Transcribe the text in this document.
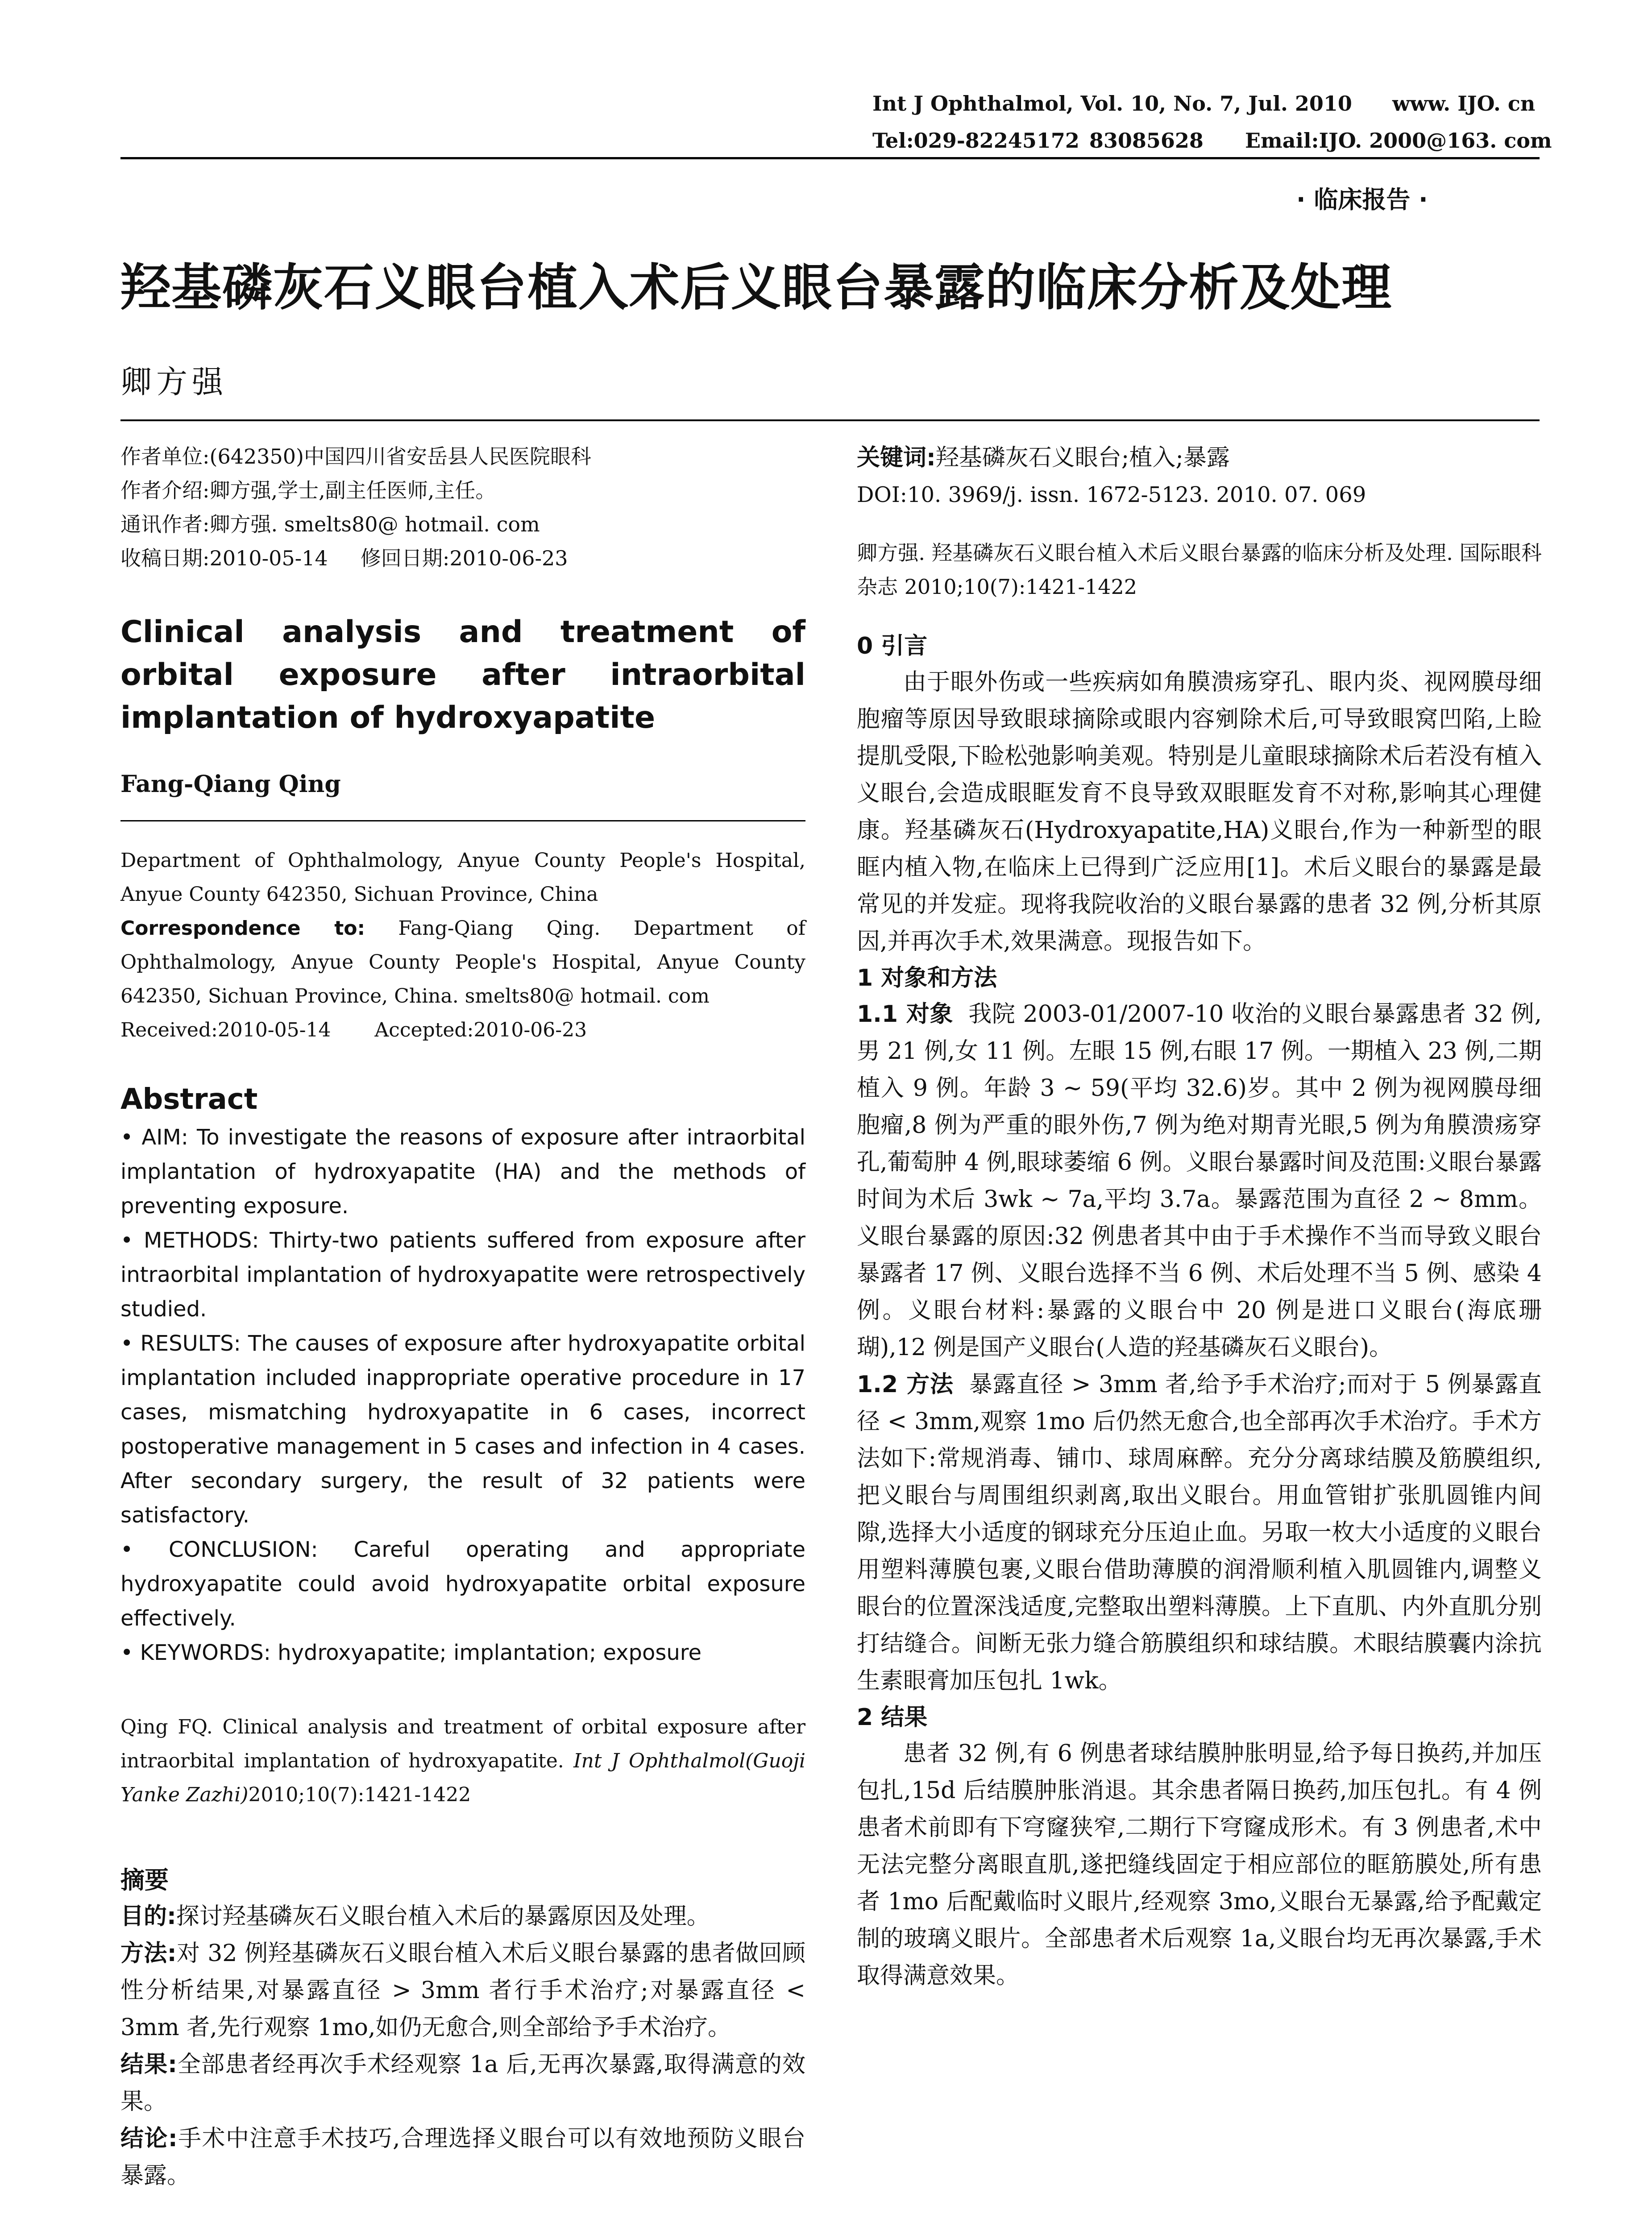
Int J Ophthalmol, Vol. 10, No. 7, Jul. 2010 www. IJO. cn
Tel:029-82245172 83085628 Email:IJO. 2000@163. com
· 临床报告 ·
羟基磷灰石义眼台植入术后义眼台暴露的临床分析及处理
卿方强

作者单位:(642350)中国四川省安岳县人民医院眼科

作者介绍:卿方强,学士,副主任医师,主任。

通讯作者:卿方强. smelts80@ hotmail. com

收稿日期:2010-05-14     修回日期:2010-06-23

Clinical analysis and treatment of orbital exposure after intraorbital implantation of hydroxyapatite
Fang-Qiang Qing

Department of Ophthalmology, Anyue County People's Hospital, Anyue County 642350, Sichuan Province, China

Correspondence to: Fang-Qiang Qing. Department of Ophthalmology, Anyue County People's Hospital, Anyue County 642350, Sichuan Province, China. smelts80@ hotmail. com

Received:2010-05-14       Accepted:2010-06-23

Abstract

• AIM: To investigate the reasons of exposure after intraorbital implantation of hydroxyapatite (HA) and the methods of preventing exposure.

• METHODS: Thirty-two patients suffered from exposure after intraorbital implantation of hydroxyapatite were retrospectively studied.

• RESULTS: The causes of exposure after hydroxyapatite orbital implantation included inappropriate operative procedure in 17 cases, mismatching hydroxyapatite in 6 cases, incorrect postoperative management in 5 cases and infection in 4 cases. After secondary surgery, the result of 32 patients were satisfactory.

• CONCLUSION: Careful operating and appropriate hydroxyapatite could avoid hydroxyapatite orbital exposure effectively.

• KEYWORDS: hydroxyapatite; implantation; exposure

Qing FQ. Clinical analysis and treatment of orbital exposure after intraorbital implantation of hydroxyapatite. Int J Ophthalmol(Guoji Yanke Zazhi)2010;10(7):1421-1422

摘要

目的:探讨羟基磷灰石义眼台植入术后的暴露原因及处理。

方法:对 32 例羟基磷灰石义眼台植入术后义眼台暴露的患者做回顾性分析结果,对暴露直径 > 3mm 者行手术治疗;对暴露直径 < 3mm 者,先行观察 1mo,如仍无愈合,则全部给予手术治疗。

结果:全部患者经再次手术经观察 1a 后,无再次暴露,取得满意的效果。

结论:手术中注意手术技巧,合理选择义眼台可以有效地预防义眼台暴露。

关键词:羟基磷灰石义眼台;植入;暴露

DOI:10. 3969/j. issn. 1672-5123. 2010. 07. 069

卿方强. 羟基磷灰石义眼台植入术后义眼台暴露的临床分析及处理. 国际眼科杂志 2010;10(7):1421-1422

0 引言

由于眼外伤或一些疾病如角膜溃疡穿孔、眼内炎、视网膜母细胞瘤等原因导致眼球摘除或眼内容剜除术后,可导致眼窝凹陷,上睑提肌受限,下睑松弛影响美观。特别是儿童眼球摘除术后若没有植入义眼台,会造成眼眶发育不良导致双眼眶发育不对称,影响其心理健康。羟基磷灰石(Hydroxyapatite,HA)义眼台,作为一种新型的眼眶内植入物,在临床上已得到广泛应用[1]。术后义眼台的暴露是最常见的并发症。现将我院收治的义眼台暴露的患者 32 例,分析其原因,并再次手术,效果满意。现报告如下。

1 对象和方法

1.1 对象  我院 2003-01/2007-10 收治的义眼台暴露患者 32 例,男 21 例,女 11 例。左眼 15 例,右眼 17 例。一期植入 23 例,二期植入 9 例。年龄 3 ~ 59(平均 32.6)岁。其中 2 例为视网膜母细胞瘤,8 例为严重的眼外伤,7 例为绝对期青光眼,5 例为角膜溃疡穿孔,葡萄肿 4 例,眼球萎缩 6 例。义眼台暴露时间及范围:义眼台暴露时间为术后 3wk ~ 7a,平均 3.7a。暴露范围为直径 2 ~ 8mm。义眼台暴露的原因:32 例患者其中由于手术操作不当而导致义眼台暴露者 17 例、义眼台选择不当 6 例、术后处理不当 5 例、感染 4 例。义眼台材料:暴露的义眼台中 20 例是进口义眼台(海底珊瑚),12 例是国产义眼台(人造的羟基磷灰石义眼台)。

1.2 方法  暴露直径 > 3mm 者,给予手术治疗;而对于 5 例暴露直径 < 3mm,观察 1mo 后仍然无愈合,也全部再次手术治疗。手术方法如下:常规消毒、铺巾、球周麻醉。充分分离球结膜及筋膜组织,把义眼台与周围组织剥离,取出义眼台。用血管钳扩张肌圆锥内间隙,选择大小适度的钢球充分压迫止血。另取一枚大小适度的义眼台用塑料薄膜包裹,义眼台借助薄膜的润滑顺利植入肌圆锥内,调整义眼台的位置深浅适度,完整取出塑料薄膜。上下直肌、内外直肌分别打结缝合。间断无张力缝合筋膜组织和球结膜。术眼结膜囊内涂抗生素眼膏加压包扎 1wk。

2 结果

患者 32 例,有 6 例患者球结膜肿胀明显,给予每日换药,并加压包扎,15d 后结膜肿胀消退。其余患者隔日换药,加压包扎。有 4 例患者术前即有下穹窿狭窄,二期行下穹窿成形术。有 3 例患者,术中无法完整分离眼直肌,遂把缝线固定于相应部位的眶筋膜处,所有患者 1mo 后配戴临时义眼片,经观察 3mo,义眼台无暴露,给予配戴定制的玻璃义眼片。全部患者术后观察 1a,义眼台均无再次暴露,手术取得满意效果。
